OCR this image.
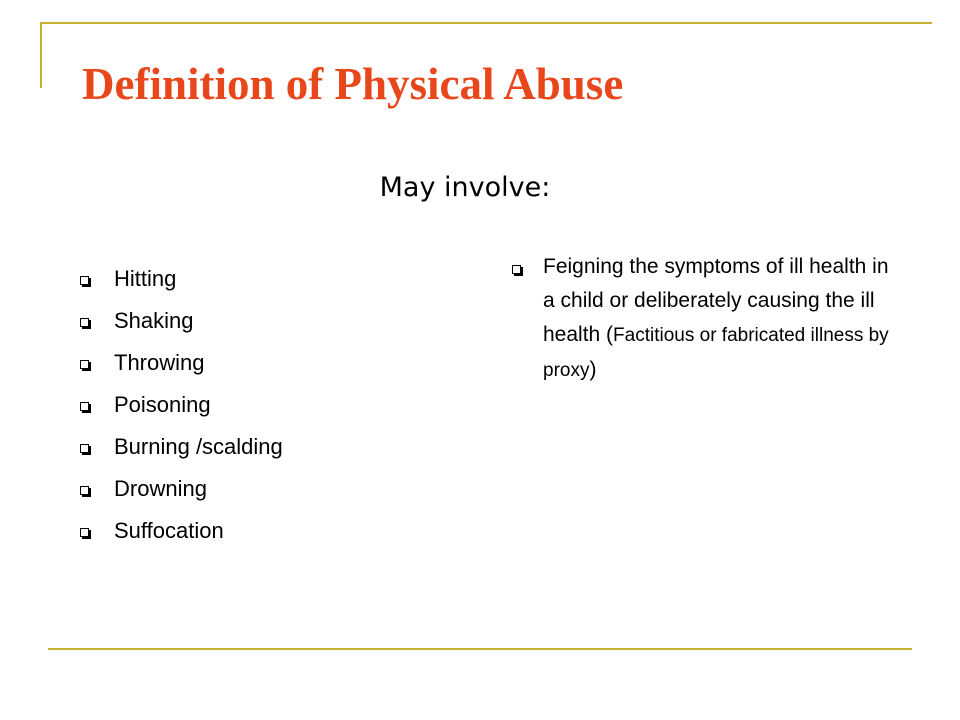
Definition of Physical Abuse
May involve:
Hitting
Shaking
Throwing
Poisoning
Burning /scalding
Drowning
Suffocation
Feigning the symptoms of ill health in a child or deliberately causing the ill health (Factitious or fabricated illness by proxy)
